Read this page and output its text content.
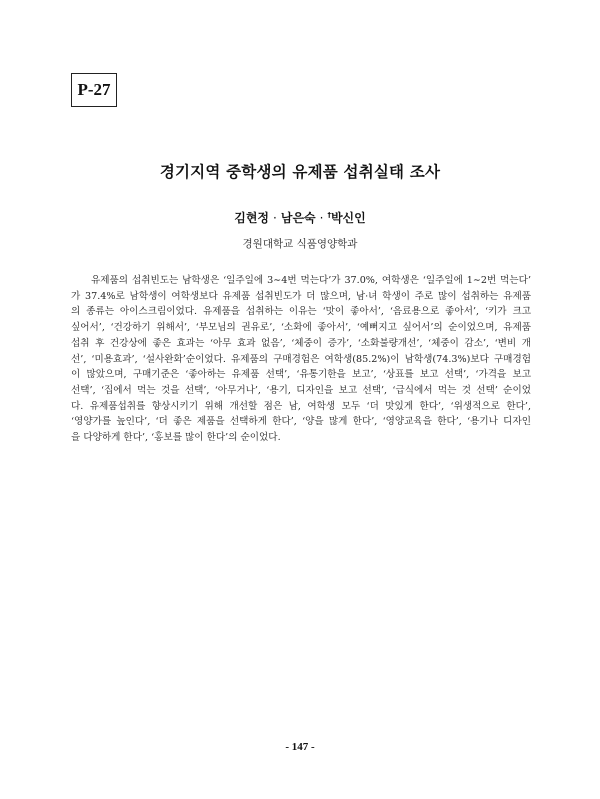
P-27
경기지역 중학생의 유제품 섭취실태 조사
김현정 · 남은숙 · †박신인
경원대학교 식품영양학과

유제품의 섭취빈도는 남학생은 ‘일주일에 3∼4번 먹는다’가 37.0%, 여학생은 ‘일주일에 1∼2번 먹는다’
가 37.4%로 남학생이 여학생보다 유제품 섭취빈도가 더 많으며, 남·녀 학생이 주로 많이 섭취하는 유제품
의 종류는 아이스크림이었다. 유제품을 섭취하는 이유는 ‘맛이 좋아서’, ‘음료용으로 좋아서’, ‘키가 크고
싶어서’, ‘건강하기 위해서’, ‘부모님의 권유로’, ‘소화에 좋아서’, ‘예뻐지고 싶어서’의 순이었으며, 유제품
섭취 후 건강상에 좋은 효과는 ‘아무 효과 없음’, ‘체중이 증가’, ‘소화불량개선’, ‘체중이 감소’, ‘변비 개
선’, ‘미용효과’, ‘설사완화’순이었다. 유제품의 구매경험은 여학생(85.2%)이 남학생(74.3%)보다 구매경험
이 많았으며, 구매기준은 ‘좋아하는 유제품 선택’, ‘유통기한을 보고’, ‘상표를 보고 선택’, ‘가격을 보고
선택’, ‘집에서 먹는 것을 선택’, ‘아무거나’, ‘용기, 디자인을 보고 선택’, ‘급식에서 먹는 것 선택’ 순이었
다. 유제품섭취를 향상시키기 위해 개선할 점은 남, 여학생 모두 ‘더 맛있게 한다’, ‘위생적으로 한다’,
‘영양가를 높인다’, ‘더 좋은 제품을 선택하게 한다’, ‘양을 많게 한다’, ‘영양교육을 한다’, ‘용기나 디자인
을 다양하게 한다’, ‘홍보를 많이 한다’의 순이었다.

- 147 -
